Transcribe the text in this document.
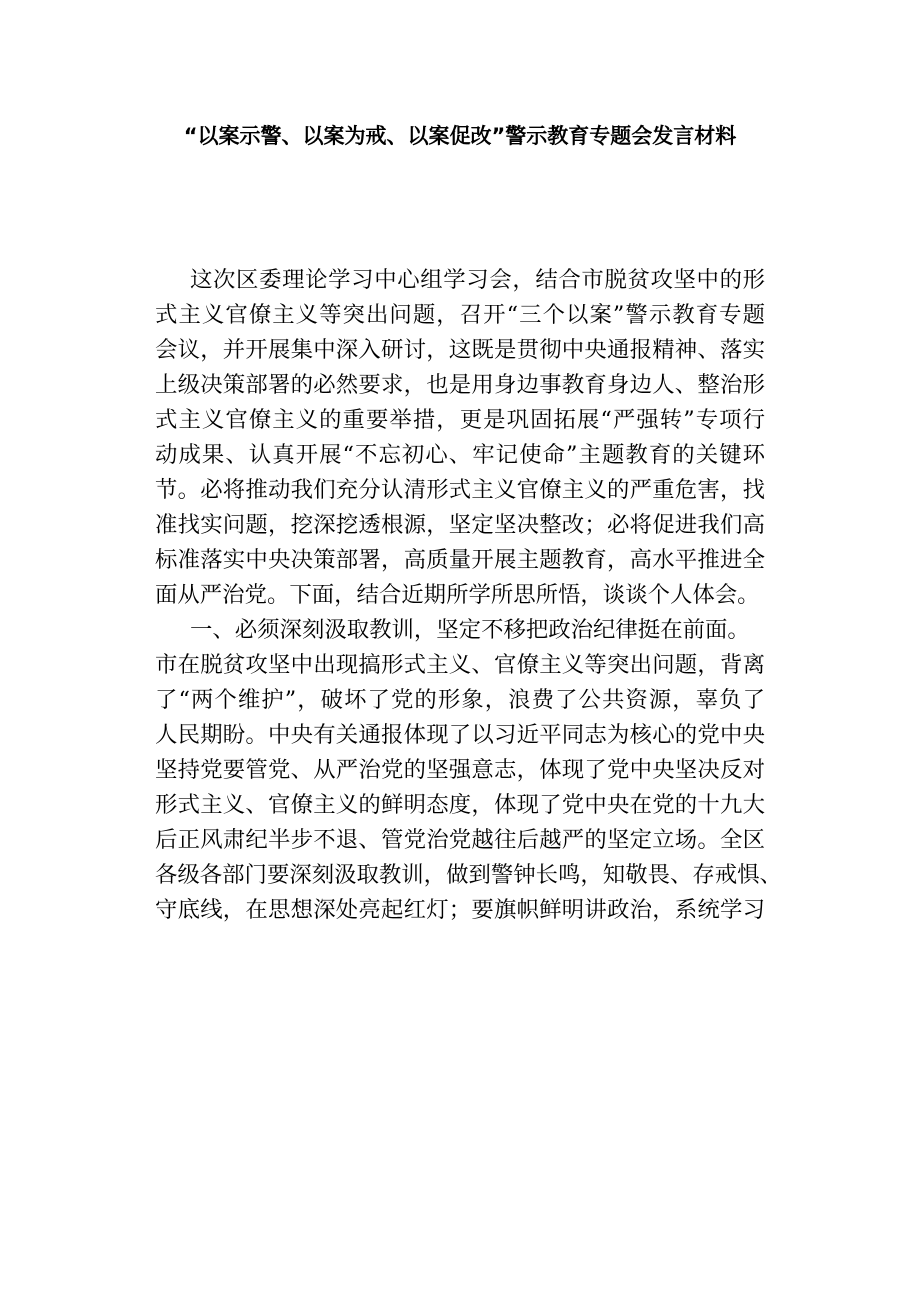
“以案示警、以案为戒、以案促改”警示教育专题会发言材料
这次区委理论学习中心组学习会，结合市脱贫攻坚中的形
式主义官僚主义等突出问题，召开“三个以案”警示教育专题
会议，并开展集中深入研讨，这既是贯彻中央通报精神、落实
上级决策部署的必然要求，也是用身边事教育身边人、整治形
式主义官僚主义的重要举措，更是巩固拓展“严强转”专项行
动成果、认真开展“不忘初心、牢记使命”主题教育的关键环
节。必将推动我们充分认清形式主义官僚主义的严重危害，找
准找实问题，挖深挖透根源，坚定坚决整改；必将促进我们高
标准落实中央决策部署，高质量开展主题教育，高水平推进全
面从严治党。下面，结合近期所学所思所悟，谈谈个人体会。
一、必须深刻汲取教训，坚定不移把政治纪律挺在前面。
市在脱贫攻坚中出现搞形式主义、官僚主义等突出问题，背离
了“两个维护”，破坏了党的形象，浪费了公共资源，辜负了
人民期盼。中央有关通报体现了以习近平同志为核心的党中央
坚持党要管党、从严治党的坚强意志，体现了党中央坚决反对
形式主义、官僚主义的鲜明态度，体现了党中央在党的十九大
后正风肃纪半步不退、管党治党越往后越严的坚定立场。全区
各级各部门要深刻汲取教训，做到警钟长鸣，知敬畏、存戒惧、
守底线，在思想深处亮起红灯；要旗帜鲜明讲政治，系统学习
